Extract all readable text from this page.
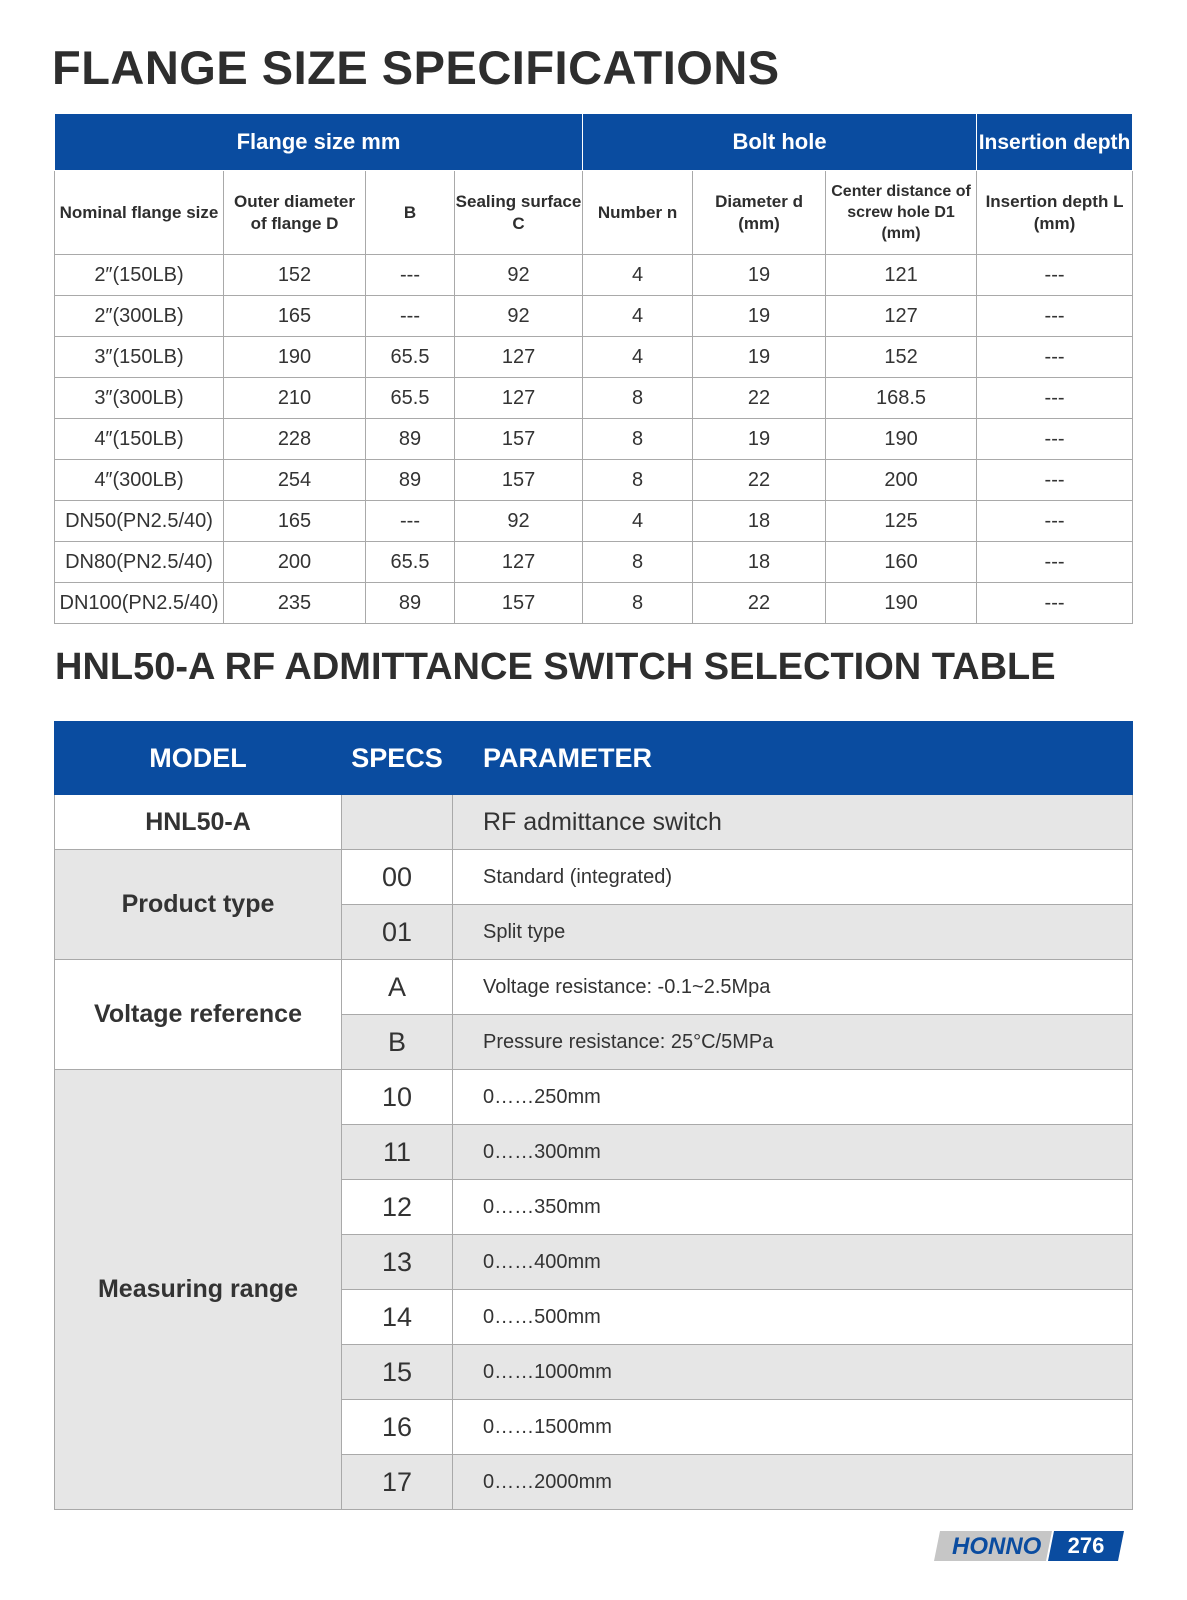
FLANGE SIZE SPECIFICATIONS
Flange size mm				Bolt hole			Insertion depth
Nominal flange size	Outer diameter of flange D	B	Sealing surface C	Number n	Diameter d (mm)	Center distance of screw hole D1 (mm)	Insertion depth L (mm)
2″(150LB)	152	---	92	4	19	121	---
2″(300LB)	165	---	92	4	19	127	---
3″(150LB)	190	65.5	127	4	19	152	---
3″(300LB)	210	65.5	127	8	22	168.5	---
4″(150LB)	228	89	157	8	19	190	---
4″(300LB)	254	89	157	8	22	200	---
DN50(PN2.5/40)	165	---	92	4	18	125	---
DN80(PN2.5/40)	200	65.5	127	8	18	160	---
DN100(PN2.5/40)	235	89	157	8	22	190	---
HNL50-A RF ADMITTANCE SWITCH SELECTION TABLE
MODEL	SPECS	PARAMETER
HNL50-A		RF admittance switch
Product type	00	Standard (integrated)
	01	Split type
Voltage reference	A	Voltage resistance: -0.1~2.5Mpa
	B	Pressure resistance: 25°C/5MPa
Measuring range	10	0……250mm
	11	0……300mm
	12	0……350mm
	13	0……400mm
	14	0……500mm
	15	0……1000mm
	16	0……1500mm
	17	0……2000mm
HONNO	276
